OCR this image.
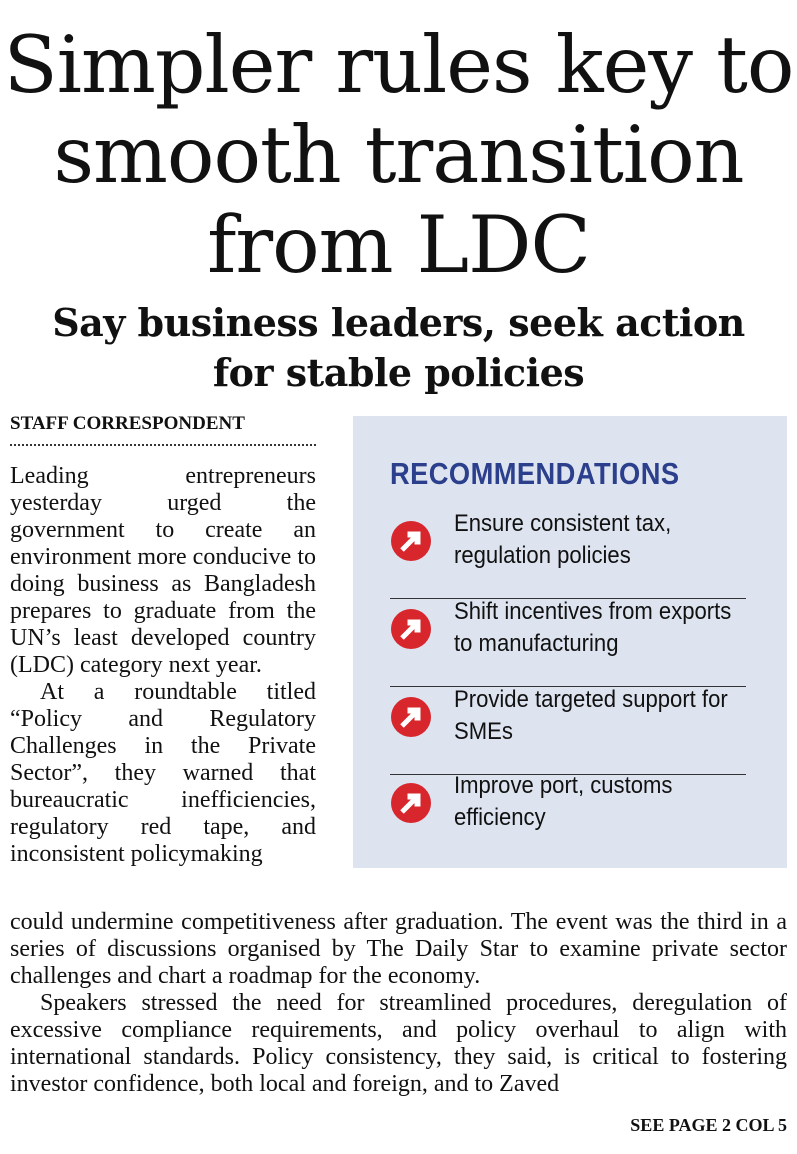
Simpler rules key to
smooth transition
from LDC
Say business leaders, seek action
for stable policies
STAFF CORRESPONDENT

Leading entrepreneurs yesterday urged the government to create an environment more conducive to doing business as Bangladesh prepares to graduate from the UN’s least developed country (LDC) category next year.

At a roundtable titled “Policy and Regulatory Challenges in the Private Sector”, they warned that bureaucratic inefficiencies, regulatory red tape, and inconsistent policymaking

RECOMMENDATIONS
Ensure consistent tax, regulation policies
Shift incentives from exports to manufacturing
Provide targeted support for SMEs
Improve port, customs efficiency

could undermine competitiveness after graduation. The event was the third in a series of discussions organised by The Daily Star to examine private sector challenges and chart a roadmap for the economy.

Speakers stressed the need for streamlined procedures, deregulation of excessive compliance requirements, and policy overhaul to align with international standards. Policy consistency, they said, is critical to fostering investor confidence, both local and foreign, and to Zaved

SEE PAGE 2 COL 5
